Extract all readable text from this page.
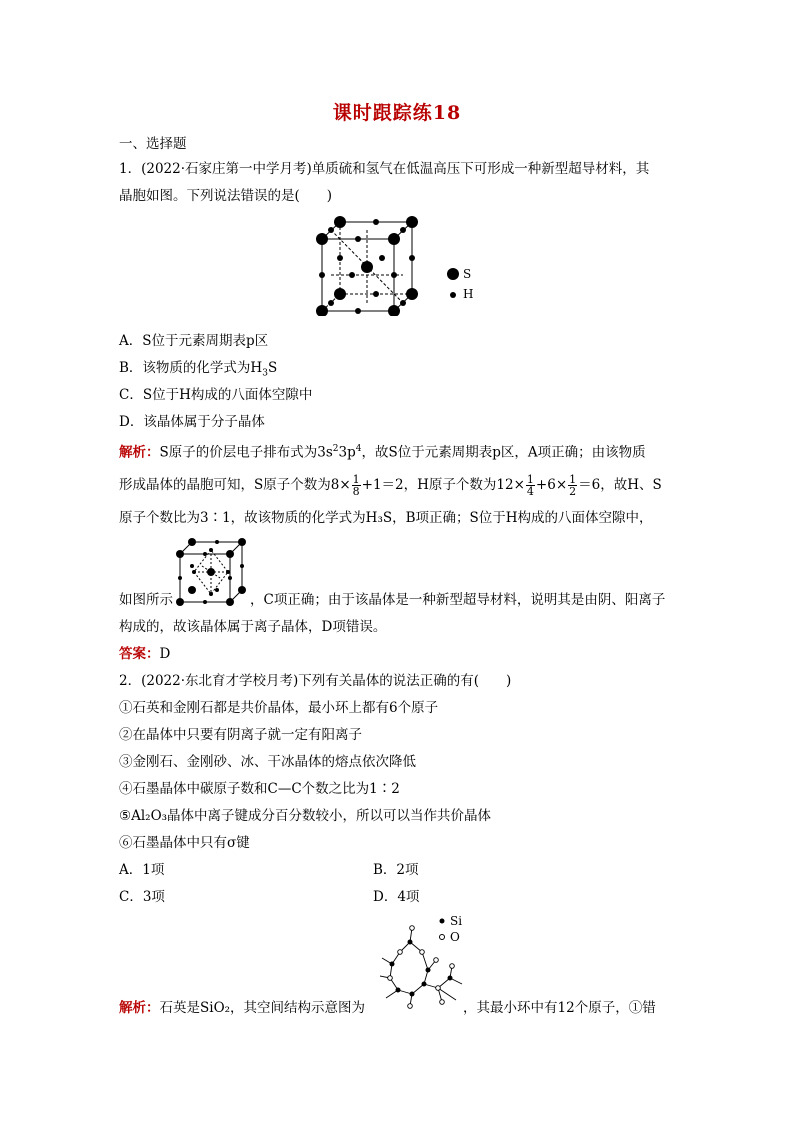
课时跟踪练18
一、选择题
1．(2022·石家庄第一中学月考)单质硫和氢气在低温高压下可形成一种新型超导材料，其
晶胞如图。下列说法错误的是(　　)
S
H
A．S位于元素周期表p区
B．该物质的化学式为$H_3S$
C．S位于H构成的八面体空隙中
D．该晶体属于分子晶体
解析：S原子的价层电子排布式为$3s^23p^4$，故S位于元素周期表p区，A项正确；由该物质
形成晶体的晶胞可知，S原子个数为$8\times \frac{1}{8} +1=2$，H原子个数为$12\times \frac{1}{4} +6\times \frac{1}{2} =6$，故H、S
原子个数比为3∶1，故该物质的化学式为H₃S，B项正确；S位于H构成的八面体空隙中，
如图所示	，C项正确；由于该晶体是一种新型超导材料，说明其是由阴、阳离子
构成的，故该晶体属于离子晶体，D项错误。
答案：D
2．(2022·东北育才学校月考)下列有关晶体的说法正确的有(　　)
①石英和金刚石都是共价晶体，最小环上都有6个原子
②在晶体中只要有阴离子就一定有阳离子
③金刚石、金刚砂、冰、干冰晶体的熔点依次降低
④石墨晶体中碳原子数和C—C个数之比为1∶2
⑤Al₂O₃晶体中离子键成分百分数较小，所以可以当作共价晶体
⑥石墨晶体中只有σ键
A．1项	B．2项
C．3项	D．4项
Si
O
解析：石英是SiO₂，其空间结构示意图为	，其最小环中有12个原子，①错
